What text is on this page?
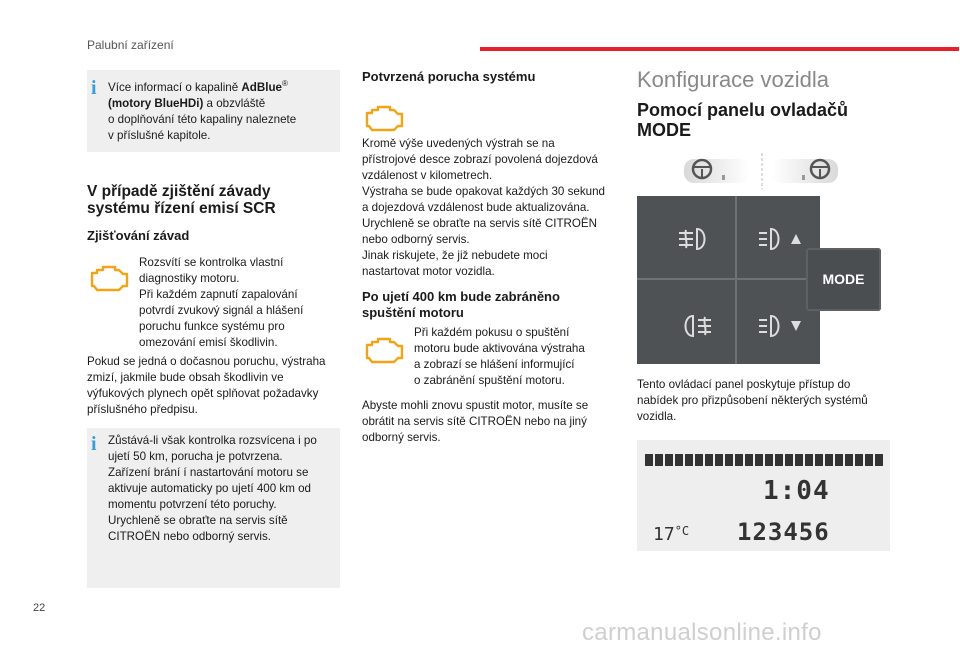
Palubní zařízení
i Více informací o kapalině AdBlue®

(motory BlueHDi) a obzvláště

o doplňování této kapaliny naleznete

v příslušné kapitole.

V případě zjištění závady
systému řízení emisí SCR
Zjišťování závad

Rozsvítí se kontrolka vlastní

diagnostiky motoru.

Při každém zapnutí zapalování

potvrdí zvukový signál a hlášení

poruchu funkce systému pro

omezování emisí škodlivin.

Pokud se jedná o dočasnou poruchu, výstraha

zmizí, jakmile bude obsah škodlivin ve

výfukových plynech opět splňovat požadavky

příslušného předpisu.

i Zůstává-li však kontrolka rozsvícena i po

ujetí 50 km, porucha je potvrzena.

Zařízení brání í nastartování motoru se

aktivuje automaticky po ujetí 400 km od

momentu potvrzení této poruchy.

Urychleně se obraťte na servis sítě

CITROËN nebo odborný servis.

Potvrzená porucha systému

Kromě výše uvedených výstrah se na

přístrojové desce zobrazí povolená dojezdová

vzdálenost v kilometrech.

Výstraha se bude opakovat každých 30 sekund

a dojezdová vzdálenost bude aktualizována.

Urychleně se obraťte na servis sítě CITROËN

nebo odborný servis.

Jinak riskujete, že již nebudete moci

nastartovat motor vozidla.

Po ujetí 400 km bude zabráněno
spuštění motoru

Při každém pokusu o spuštění

motoru bude aktivována výstraha

a zobrazí se hlášení informující

o zabránění spuštění motoru.

Abyste mohli znovu spustit motor, musíte se

obrátit na servis sítě CITROËN nebo na jiný

odborný servis.

Konfigurace vozidla
Pomocí panelu ovladačů
MODE
MODE

Tento ovládací panel poskytuje přístup do

nabídek pro přizpůsobení některých systémů

vozidla.

1:04
$17^{^\circ C}$ 123456
22
carmanualsonline.info
